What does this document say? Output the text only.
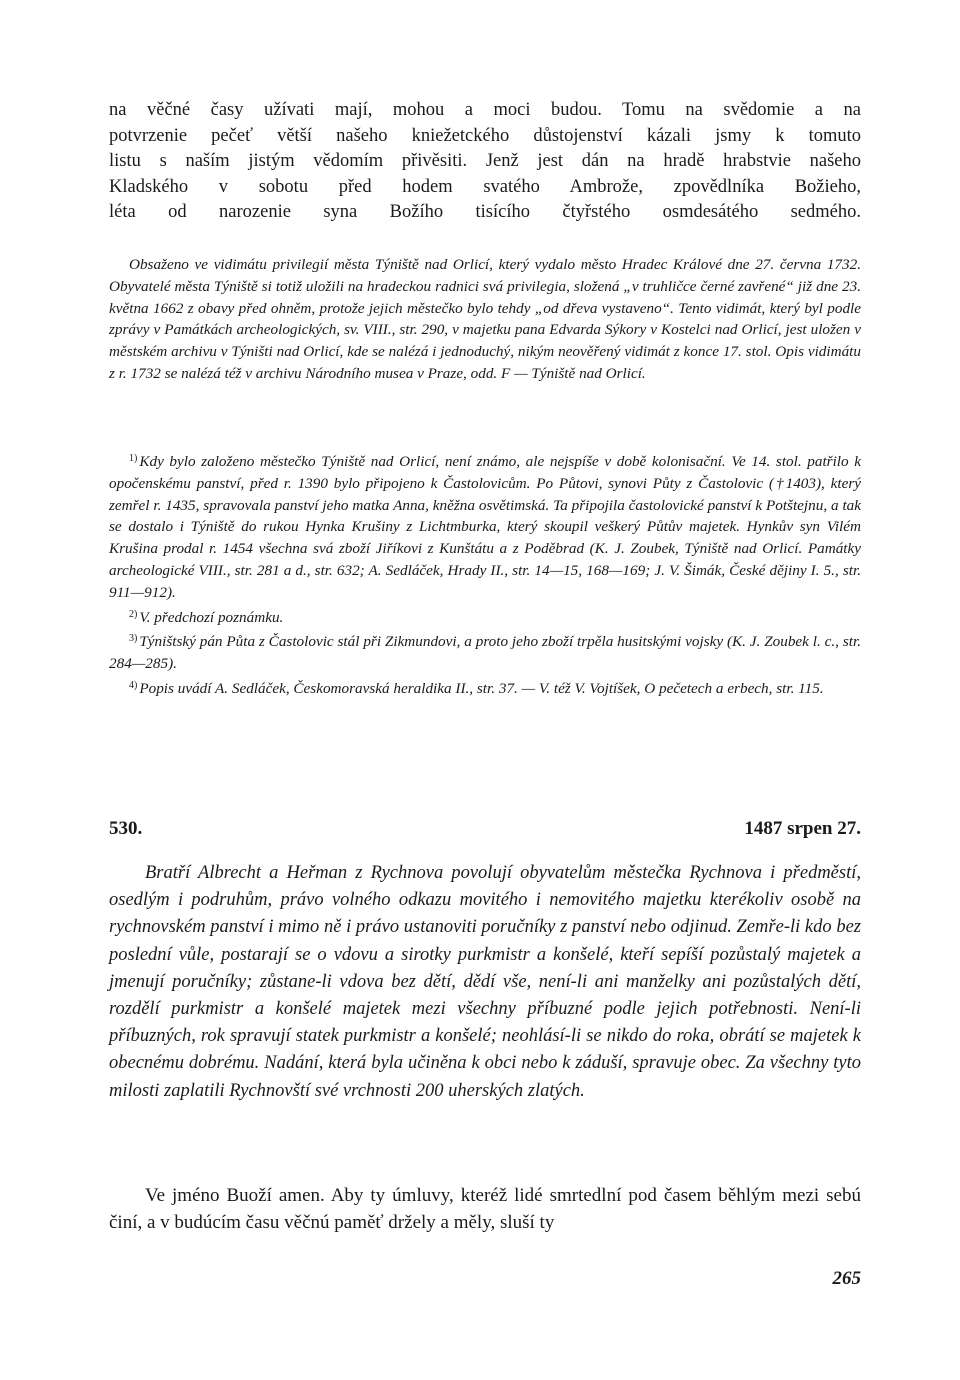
na věčné časy užívati mají, mohou a moci budou. Tomu na svědomie a na
potvrzenie pečeť větší našeho kniežetckého důstojenství kázali jsmy k tomuto
listu s naším jistým vědomím přivěsiti. Jenž jest dán na hradě hrabstvie našeho
Kladského v sobotu před hodem svatého Ambrože, zpovědlníka Božieho,
léta od narozenie syna Božího tisícího čtyřstého osmdesátého sedmého.

Obsaženo ve vidimátu privilegií města Týniště nad Orlicí, který vydalo město Hradec Králové dne 27. června 1732. Obyvatelé města Týniště si totiž uložili na hradeckou radnici svá privilegia, složená „v truhličce černé zavřené“ již dne 23. května 1662 z obavy před ohněm, protože jejich městečko bylo tehdy „od dřeva vystaveno“. Tento vidimát, který byl podle zprávy v Památkách archeologických, sv. VIII., str. 290, v majetku pana Edvarda Sýkory v Kostelci nad Orlicí, jest uložen v městském archivu v Týništi nad Orlicí, kde se nalézá i jednoduchý, nikým neověřený vidimát z konce 17. stol. Opis vidimátu z r. 1732 se nalézá též v archivu Národního musea v Praze, odd. F — Týniště nad Orlicí.

$^{1)}$ Kdy bylo založeno městečko Týniště nad Orlicí, není známo, ale nejspíše v době kolonisační. Ve 14. stol. patřilo k opočenskému panství, před r. 1390 bylo připojeno k Častolovicům. Po Půtovi, synovi Půty z Častolovic (†1403), který zemřel r. 1435, spravovala panství jeho matka Anna, kněžna osvětimská. Ta připojila častolovické panství k Potštejnu, a tak se dostalo i Týniště do rukou Hynka Krušiny z Lichtmburka, který skoupil veškerý Půtův majetek. Hynkův syn Vilém Krušina prodal r. 1454 všechna svá zboží Jiříkovi z Kunštátu a z Poděbrad (K. J. Zoubek, Týniště nad Orlicí. Památky archeologické VIII., str. 281 a d., str. 632; A. Sedláček, Hrady II., str. 14—15, 168—169; J. V. Šimák, České dějiny I. 5., str. 911—912).

$^{2)}$ V. předchozí poznámku.

$^{3)}$ Týništský pán Půta z Častolovic stál při Zikmundovi, a proto jeho zboží trpěla husitskými vojsky (K. J. Zoubek l. c., str. 284—285).

$^{4)}$ Popis uvádí A. Sedláček, Českomoravská heraldika II., str. 37. — V. též V. Vojtíšek, O pečetech a erbech, str. 115.

530.	1487 srpen 27.

Bratří Albrecht a Heřman z Rychnova povolují obyvatelům městečka Rychnova i předměstí, osedlým i podruhům, právo volného odkazu movitého i nemovitého majetku kterékoliv osobě na rychnovském panství i mimo ně i právo ustanoviti poručníky z panství nebo odjinud. Zemře-li kdo bez poslední vůle, postarají se o vdovu a sirotky purkmistr a konšelé, kteří sepíší pozůstalý majetek a jmenují poručníky; zůstane-li vdova bez dětí, dědí vše, není-li ani manželky ani pozůstalých dětí, rozdělí purkmistr a konšelé majetek mezi všechny příbuzné podle jejich potřebnosti. Není-li příbuzných, rok spravují statek purkmistr a konšelé; neohlásí-li se nikdo do roka, obrátí se majetek k obecnému dobrému. Nadání, která byla učiněna k obci nebo k záduší, spravuje obec. Za všechny tyto milosti zaplatili Rychnovští své vrchnosti 200 uherských zlatých.

Ve jméno Buoží amen. Aby ty úmluvy, kteréž lidé smrtedlní pod časem běhlým mezi sebú činí, a v budúcím času věčnú paměť držely a měly, sluší ty

265
